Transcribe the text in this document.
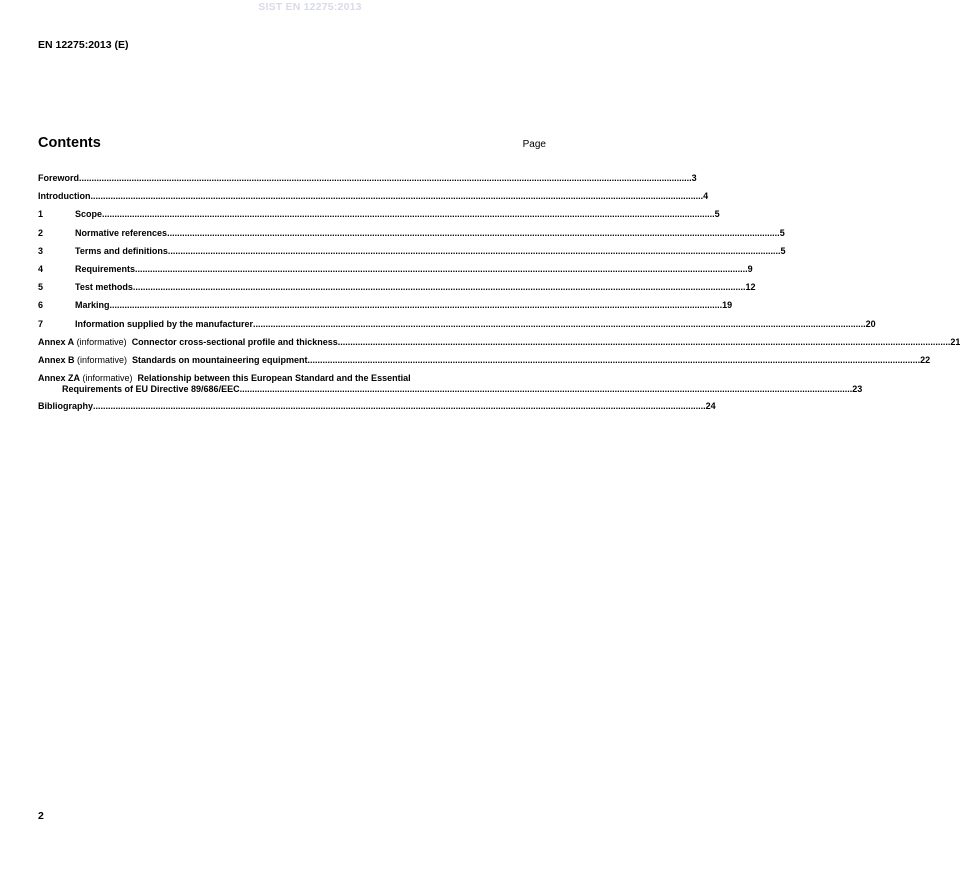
SIST EN 12275:2013
EN 12275:2013 (E)
Contents	Page
Foreword .....	3
Introduction .....	4
1	Scope .....	5
2	Normative references .....	5
3	Terms and definitions .....	5
4	Requirements .....	9
5	Test methods .....	12
6	Marking .....	19
7	Information supplied by the manufacturer .....	20
Annex A (informative) Connector cross-sectional profile and thickness .....	21
Annex B (informative) Standards on mountaineering equipment .....	22
Annex ZA (informative)  Relationship between this European Standard and the Essential
Requirements of EU Directive 89/686/EEC .....	23
Bibliography .....	24
2
